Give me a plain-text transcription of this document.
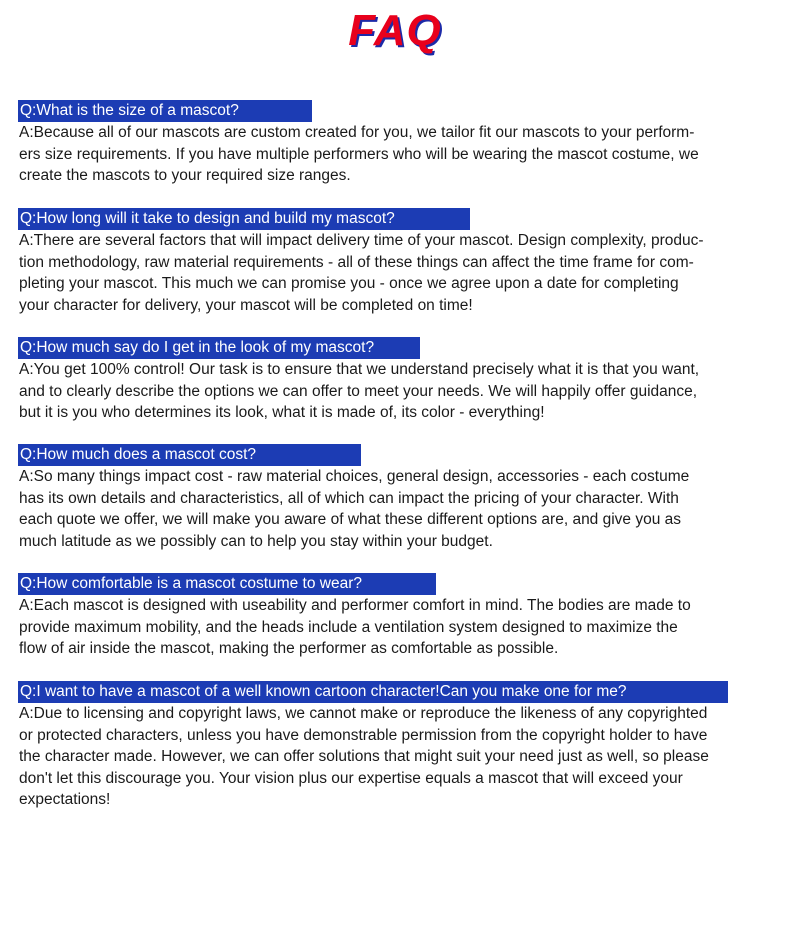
FAQ
Q:What is the size of a mascot?

A:Because all of our mascots are custom created for you, we tailor fit our mascots to your perform-
ers size requirements. If you have multiple performers who will be wearing the mascot costume, we
create the mascots to your required size ranges.

Q:How long will it take to design and build my mascot?

A:There are several factors that will impact delivery time of your mascot. Design complexity, produc-
tion methodology, raw material requirements - all of these things can affect the time frame for com-
pleting your mascot. This much we can promise you - once we agree upon a date for completing
your character for delivery, your mascot will be completed on time!

Q:How much say do I get in the look of my mascot?

A:You get 100% control! Our task is to ensure that we understand precisely what it is that you want,
and to clearly describe the options we can offer to meet your needs. We will happily offer guidance,
but it is you who determines its look, what it is made of, its color - everything!

Q:How much does a mascot cost?

A:So many things impact cost - raw material choices, general design, accessories - each costume
has its own details and characteristics, all of which can impact the pricing of your character. With
each quote we offer, we will make you aware of what these different options are, and give you as
much latitude as we possibly can to help you stay within your budget.

Q:How comfortable is a mascot costume to wear?

A:Each mascot is designed with useability and performer comfort in mind. The bodies are made to
provide maximum mobility, and the heads include a ventilation system designed to maximize the
flow of air inside the mascot, making the performer as comfortable as possible.

Q:I want to have a mascot of a well known cartoon character!Can you make one for me?

A:Due to licensing and copyright laws, we cannot make or reproduce the likeness of any copyrighted
or protected characters, unless you have demonstrable permission from the copyright holder to have
the character made. However, we can offer solutions that might suit your need just as well, so please
don't let this discourage you. Your vision plus our expertise equals a mascot that will exceed your
expectations!
